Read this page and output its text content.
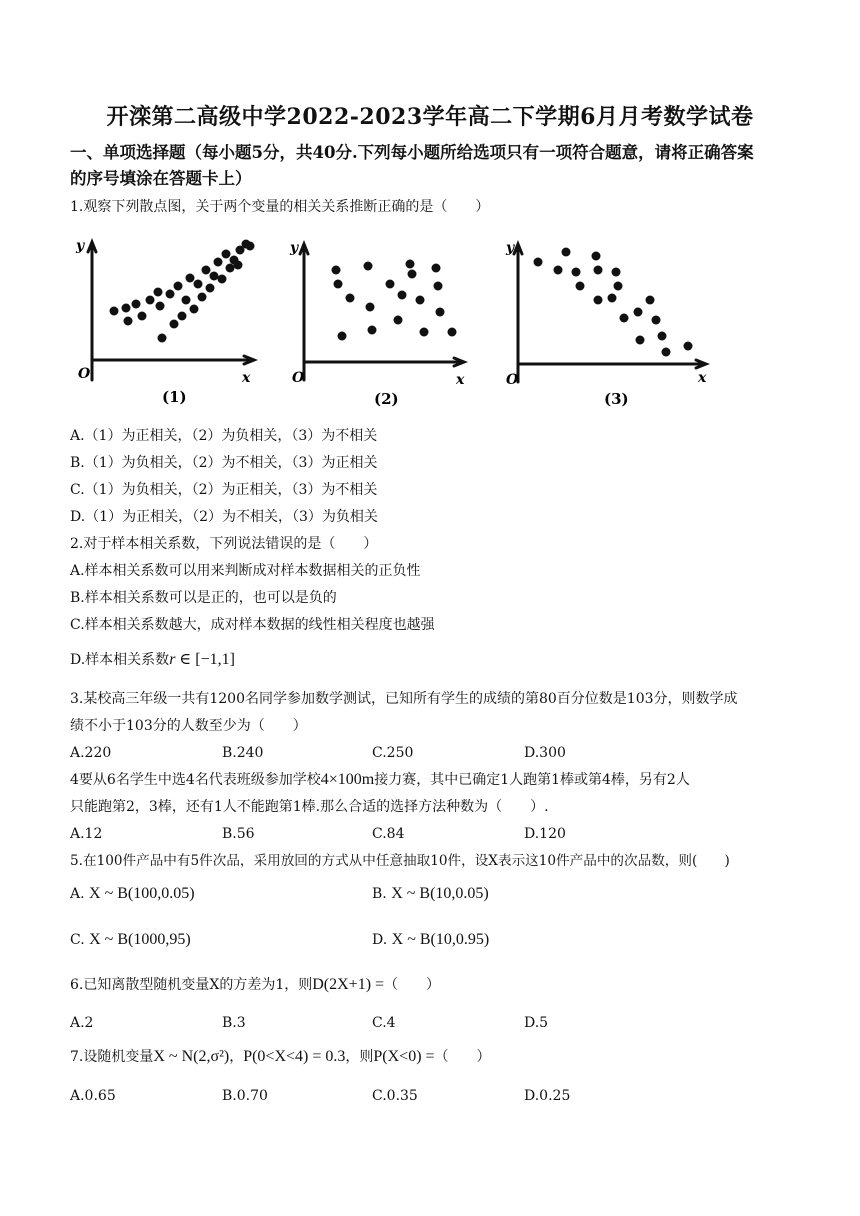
开滦第二高级中学2022-2023学年高二下学期6月月考数学试卷
一、单项选择题（每小题5分，共40分.下列每小题所给选项只有一项符合题意，请将正确答案
的序号填涂在答题卡上）
1.观察下列散点图，关于两个变量的相关关系推断正确的是（　　）
y
x
O
(1)
y
x
O
(2)
y
x
O
(3)
A.（1）为正相关，（2）为负相关，（3）为不相关
B.（1）为负相关，（2）为不相关，（3）为正相关
C.（1）为负相关，（2）为正相关，（3）为不相关
D.（1）为正相关，（2）为不相关，（3）为负相关
2.对于样本相关系数，下列说法错误的是（　　）
A.样本相关系数可以用来判断成对样本数据相关的正负性
B.样本相关系数可以是正的，也可以是负的
C.样本相关系数越大，成对样本数据的线性相关程度也越强
D.样本相关系数r ∈ [−1,1]
3.某校高三年级一共有1200名同学参加数学测试，已知所有学生的成绩的第80百分位数是103分，则数学成
绩不小于103分的人数至少为（　　）
A.220	B.240	C.250	D.300
4要从6名学生中选4名代表班级参加学校4×100m接力赛，其中已确定1人跑第1棒或第4棒，另有2人
只能跑第2，3棒，还有1人不能跑第1棒.那么合适的选择方法种数为（　　）.
A.12	B.56	C.84	D.120
5.在100件产品中有5件次品，采用放回的方式从中任意抽取10件，设X表示这10件产品中的次品数，则(　　)
A. X ~ B(100,0.05)	B. X ~ B(10,0.05)
C. X ~ B(1000,95)	D. X ~ B(10,0.95)
6.已知离散型随机变量X的方差为1，则D(2X+1) =（　　）
A.2	B.3	C.4	D.5
7.设随机变量X ~ N(2,σ²)，P(0<X<4) = 0.3，则P(X<0) =（　　）
A.0.65	B.0.70	C.0.35	D.0.25
